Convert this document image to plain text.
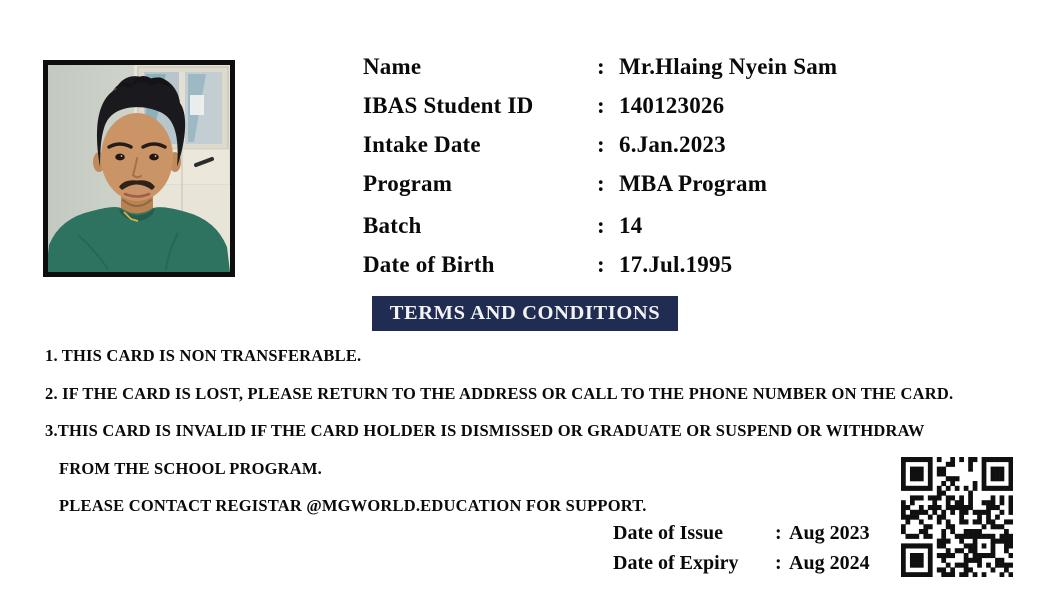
Name	: Mr.Hlaing Nyein Sam
IBAS Student ID	: 140123026
Intake Date	: 6.Jan.2023
Program	: MBA Program
Batch	: 14
Date of Birth	: 17.Jul.1995
TERMS AND CONDITIONS

1. THIS CARD IS NON TRANSFERABLE.

2. IF THE CARD IS LOST, PLEASE RETURN TO THE ADDRESS OR CALL TO THE PHONE NUMBER ON THE CARD.

3.THIS CARD IS INVALID IF THE CARD HOLDER IS DISMISSED OR GRADUATE OR SUSPEND OR WITHDRAW

FROM THE SCHOOL PROGRAM.

PLEASE CONTACT REGISTAR @MGWORLD.EDUCATION FOR SUPPORT.

Date of Issue	: Aug 2023
Date of Expiry	: Aug 2024
